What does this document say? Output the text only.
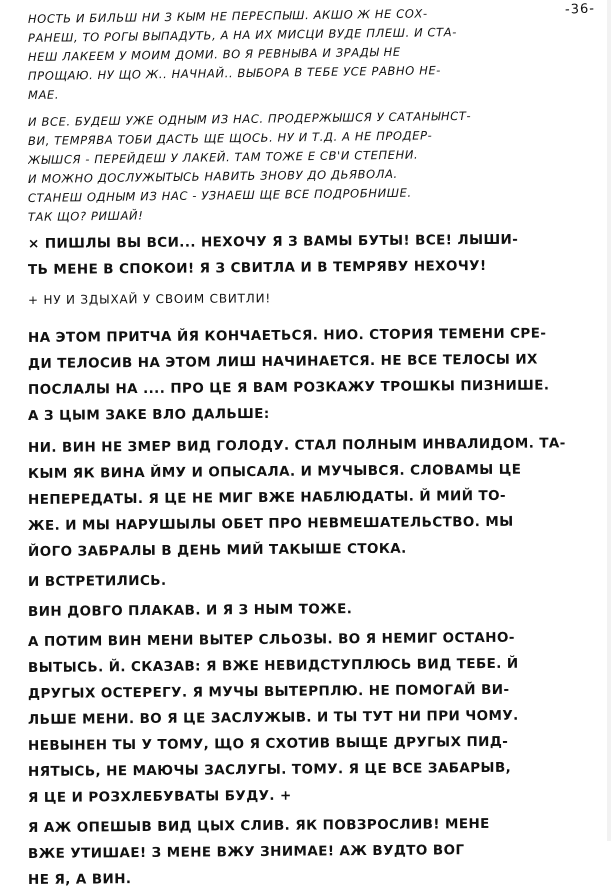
-36-
НОСТЬ И БИЛЬШ НИ З КЫМ НЕ ПЕРЕСПЫШ. АКШО Ж НЕ СОХ-
РАНЕШ, ТО РОГЫ ВЫПАДУТЬ, А НА ИХ МИСЦИ ВУДЕ ПЛЕШ. И СТА-
НЕШ ЛАКЕЕМ У МОИМ ДОМИ. ВО Я РЕВНЫВА И ЗРАДЫ НЕ
ПРОЩАЮ. НУ ЩО Ж.. НАЧНАЙ.. ВЫБОРА В ТЕБЕ УСЕ РАВНО НЕ-
МАЕ.
И ВСЕ. БУДЕШ УЖЕ ОДНЫМ ИЗ НАС. ПРОДЕРЖЫШСЯ У САТАНЫНСТ-
ВИ, ТЕМРЯВА ТОБИ ДАСТЬ ЩЕ ЩОСЬ. НУ И Т.Д. А НЕ ПРОДЕР-
ЖЫШСЯ - ПЕРЕЙДЕШ У ЛАКЕЙ. ТАМ ТОЖЕ Е СВ'И СТЕПЕНИ.
И МОЖНО ДОСЛУЖЫТЫСЬ НАВИТЬ ЗНОВУ ДО ДЬЯВОЛА.
СТАНЕШ ОДНЫМ ИЗ НАС - УЗНАЕШ ЩЕ ВСЕ ПОДРОБНИШЕ.
ТАК ЩО? РИШАЙ!
× ПИШЛЫ ВЫ ВСИ... НЕХОЧУ Я З ВАМЫ БУТЫ! ВСЕ! ЛЫШИ-
ТЬ МЕНЕ В СПОКОИ! Я З СВИТЛА И В ТЕМРЯВУ НЕХОЧУ!
+ НУ И ЗДЫХАЙ У СВОИМ СВИТЛИ!
НА ЭТОМ ПРИТЧА ЙЯ КОНЧАЕТЬСЯ. НИО. СТОРИЯ ТЕМЕНИ СРЕ-
ДИ ТЕЛОСИВ НА ЭТОМ ЛИШ НАЧИНАЕТСЯ. НЕ ВСЕ ТЕЛОСЫ ИХ
ПОСЛАЛЫ НА .... ПРО ЦЕ Я ВАМ РОЗКАЖУ ТРОШКЫ ПИЗНИШЕ.
А З ЦЫМ ЗАКЕ ВЛО ДАЛЬШЕ:
НИ. ВИН НЕ ЗМЕР ВИД ГОЛОДУ. СТАЛ ПОЛНЫМ ИНВАЛИДОМ. ТА-
КЫМ ЯК ВИНА ЙМУ И ОПЫСАЛА. И МУЧЫВСЯ. СЛОВАМЫ ЦЕ
НЕПЕРЕДАТЫ. Я ЦЕ НЕ МИГ ВЖЕ НАБЛЮДАТЫ. Й МИЙ ТО-
ЖЕ. И МЫ НАРУШЫЛЫ ОБЕТ ПРО НЕВМЕШАТЕЛЬСТВО. МЫ
ЙОГО ЗАБРАЛЫ В ДЕНЬ МИЙ ТАКЫШЕ СТОКА.
И ВСТРЕТИЛИСЬ.
ВИН ДОВГО ПЛАКАВ. И Я З НЫМ ТОЖЕ.
А ПОТИМ ВИН МЕНИ ВЫТЕР СЛЬОЗЫ. ВО Я НЕМИГ ОСТАНО-
ВЫТЫСЬ. Й. СКАЗАВ: Я ВЖЕ НЕВИДСТУПЛЮСЬ ВИД ТЕБЕ. Й
ДРУГЫХ ОСТЕРЕГУ. Я МУЧЫ ВЫТЕРПЛЮ. НЕ ПОМОГАЙ ВИ-
ЛЬШЕ МЕНИ. ВО Я ЦЕ ЗАСЛУЖЫВ. И ТЫ ТУТ НИ ПРИ ЧОМУ.
НЕВЫНЕН ТЫ У ТОМУ, ЩО Я СХОТИВ ВЫЩЕ ДРУГЫХ ПИД-
НЯТЫСЬ, НЕ МАЮЧЫ ЗАСЛУГЫ. ТОМУ. Я ЦЕ ВСЕ ЗАБАРЫВ,
Я ЦЕ И РОЗХЛЕБУВАТЫ БУДУ. +
Я АЖ ОПЕШЫВ ВИД ЦЫХ СЛИВ. ЯК ПОВЗРОСЛИВ! МЕНЕ
ВЖЕ УТИШАЕ! З МЕНЕ ВЖУ ЗНИМАЕ! АЖ ВУДТО ВОГ
НЕ Я, А ВИН.
